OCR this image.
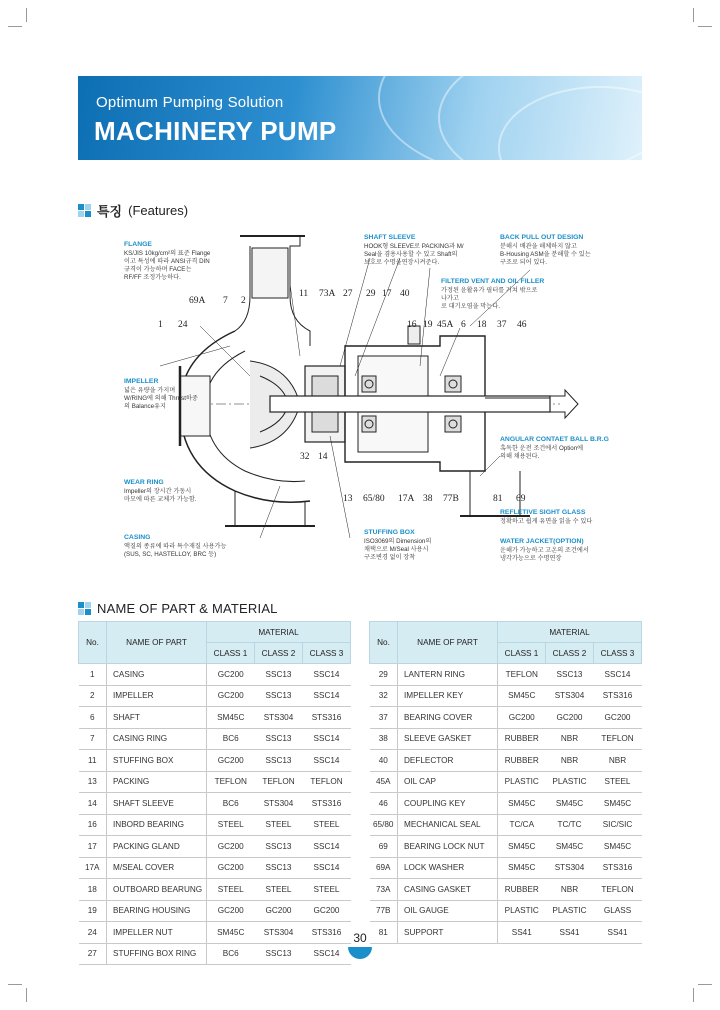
Optimum Pumping Solution
MACHINERY PUMP
특징 (Features)
69A 7 2
1 24
11 73A 27 29 17 40
16 19 45A 6 18 37 46
32 14
13 65/80 17A 38 77B	81 69
FLANGE
KS/JIS 10kg/cm²의 표준 Flange
이고 특성에 따라 ANSI규격 DIN
규격이 가능하며 FACE는
RF/FF 조정가능하다.
SHAFT SLEEVE
HOOK형 SLEEVE로 PACKING과 M/
Seal을 겸용사용할 수 있고 Shaft의
보호로 수명을연장시켜준다.
BACK PULL OUT DESIGN
분해시 배관을 해체하지 않고
B-Housing ASM을 분해할 수 있는
구조로 되어 있다.
FILTERD VENT AND OIL FILLER
가정된 윤활유가 필터를 거쳐 밖으로
나가고
로 대기오염을 막는다.
IMPELLER
넓은 유량을 가지며
W/RING에 의해 Thrust하중
의 Balance유지
ANGULAR CONTAET BALL B.R.G
혹독한 운전 조건에서 Option에
의해 채용된다.
WEAR RING
Impeller의 장시간 가동시
마모에 따른 교체가 가능함.
REFLETIVE SIGHT GLASS
정확하고 쉽게 유면을 읽을 수 있다
STUFFING BOX
ISO3069의 Dimension의
채택으로 M/Seal 사용시
구조변경 없이 장착
WATER JACKET(OPTION)
운해가 가능하고 고온의 조건에서
냉각가능으로 수명연장
CASING
액질의 종류에 따라 특수재질 사용가능
(SUS, SC, HASTELLOY, BRC 등)
NAME OF PART & MATERIAL
No.	NAME OF PART	MATERIAL		
		CLASS 1	CLASS 2	CLASS 3
1	CASING	GC200	SSC13	SSC14
2	IMPELLER	GC200	SSC13	SSC14
6	SHAFT	SM45C	STS304	STS316
7	CASING RING	BC6	SSC13	SSC14
11	STUFFING BOX	GC200	SSC13	SSC14
13	PACKING	TEFLON	TEFLON	TEFLON
14	SHAFT SLEEVE	BC6	STS304	STS316
16	INBORD BEARING	STEEL	STEEL	STEEL
17	PACKING GLAND	GC200	SSC13	SSC14
17A	M/SEAL COVER	GC200	SSC13	SSC14
18	OUTBOARD BEARUNG	STEEL	STEEL	STEEL
19	BEARING HOUSING	GC200	GC200	GC200
24	IMPELLER NUT	SM45C	STS304	STS316
27	STUFFING BOX RING	BC6	SSC13	SSC14
No.	NAME OF PART	MATERIAL		
		CLASS 1	CLASS 2	CLASS 3
29	LANTERN RING	TEFLON	SSC13	SSC14
32	IMPELLER KEY	SM45C	STS304	STS316
37	BEARING COVER	GC200	GC200	GC200
38	SLEEVE GASKET	RUBBER	NBR	TEFLON
40	DEFLECTOR	RUBBER	NBR	NBR
45A	OIL CAP	PLASTIC	PLASTIC	STEEL
46	COUPLING KEY	SM45C	SM45C	SM45C
65/80	MECHANICAL SEAL	TC/CA	TC/TC	SIC/SIC
69	BEARING LOCK NUT	SM45C	SM45C	SM45C
69A	LOCK WASHER	SM45C	STS304	STS316
73A	CASING GASKET	RUBBER	NBR	TEFLON
77B	OIL GAUGE	PLASTIC	PLASTIC	GLASS
81	SUPPORT	SS41	SS41	SS41
30
